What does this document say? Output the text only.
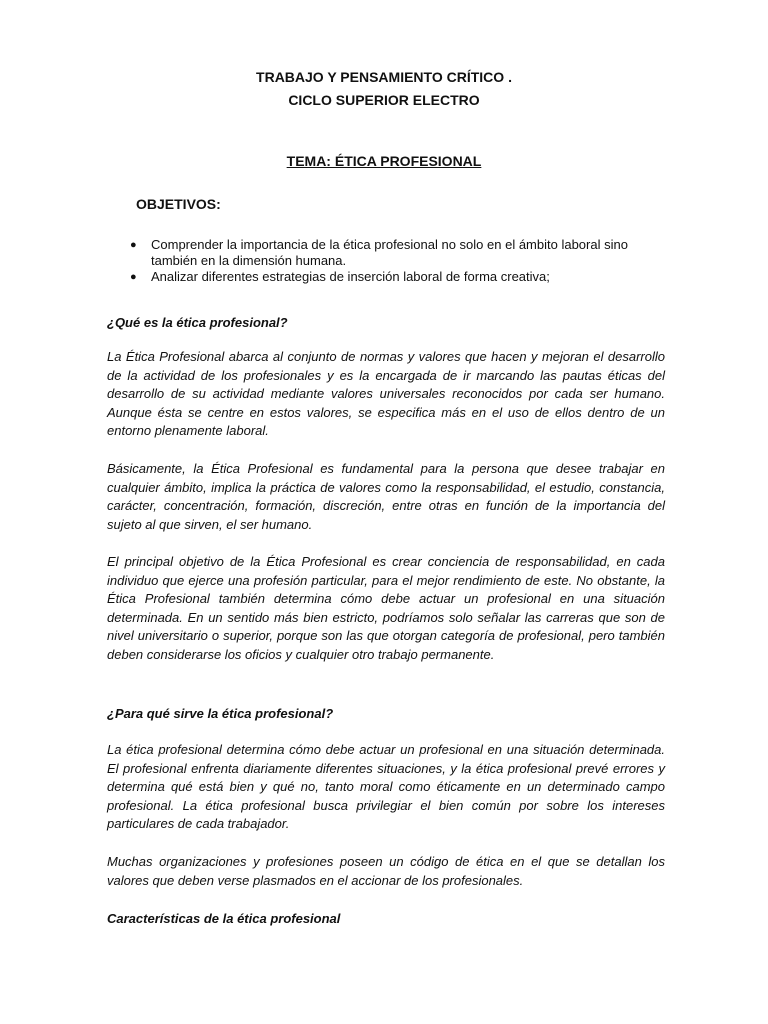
TRABAJO Y PENSAMIENTO CRÍTICO .
CICLO SUPERIOR ELECTRO
TEMA: ÉTICA PROFESIONAL
OBJETIVOS:
● Comprender la importancia de la ética profesional no solo en el ámbito laboral sino también en la dimensión humana.
● Analizar diferentes estrategias de inserción laboral de forma creativa;
¿Qué es la ética profesional?

La Ética Profesional abarca al conjunto de normas y valores que hacen y mejoran el desarrollo de la actividad de los profesionales y es la encargada de ir marcando las pautas éticas del desarrollo de su actividad mediante valores universales reconocidos por cada ser humano. Aunque ésta se centre en estos valores, se especifica más en el uso de ellos dentro de un entorno plenamente laboral.

Básicamente, la Ética Profesional es fundamental para la persona que desee trabajar en cualquier ámbito, implica la práctica de valores como la responsabilidad, el estudio, constancia, carácter, concentración, formación, discreción, entre otras en función de la importancia del sujeto al que sirven, el ser humano.

El principal objetivo de la Ética Profesional es crear conciencia de responsabilidad, en cada individuo que ejerce una profesión particular, para el mejor rendimiento de este. No obstante, la Ética Profesional también determina cómo debe actuar un profesional en una situación determinada. En un sentido más bien estricto, podríamos solo señalar las carreras que son de nivel universitario o superior, porque son las que otorgan categoría de profesional, pero también deben considerarse los oficios y cualquier otro trabajo permanente.

¿Para qué sirve la ética profesional?

La ética profesional determina cómo debe actuar un profesional en una situación determinada. El profesional enfrenta diariamente diferentes situaciones, y la ética profesional prevé errores y determina qué está bien y qué no, tanto moral como éticamente en un determinado campo profesional. La ética profesional busca privilegiar el bien común por sobre los intereses particulares de cada trabajador.

Muchas organizaciones y profesiones poseen un código de ética en el que se detallan los valores que deben verse plasmados en el accionar de los profesionales.

Características de la ética profesional
